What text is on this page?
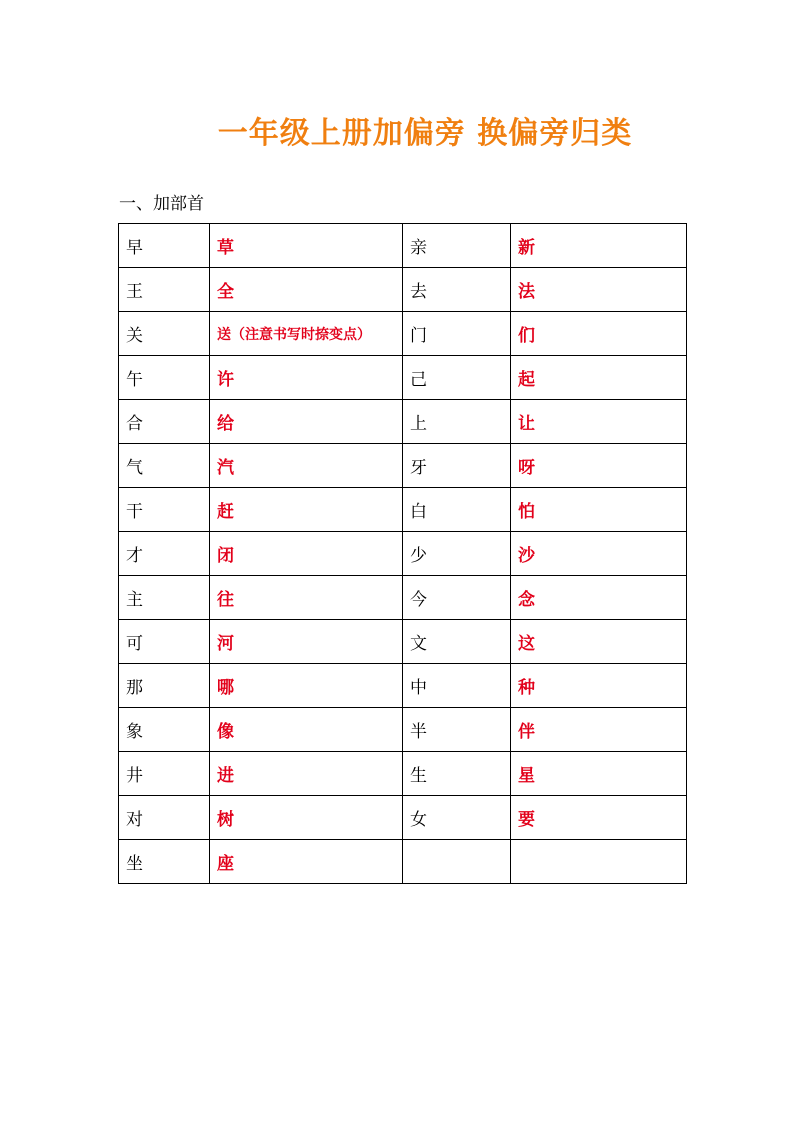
一年级上册加偏旁 换偏旁归类
一、加部首
早	草	亲	新
王	全	去	法
关	送（注意书写时捺变点）	门	们
午	许	己	起
合	给	上	让
气	汽	牙	呀
干	赶	白	怕
才	闭	少	沙
主	往	今	念
可	河	文	这
那	哪	中	种
象	像	半	伴
井	进	生	星
对	树	女	要
坐	座		
